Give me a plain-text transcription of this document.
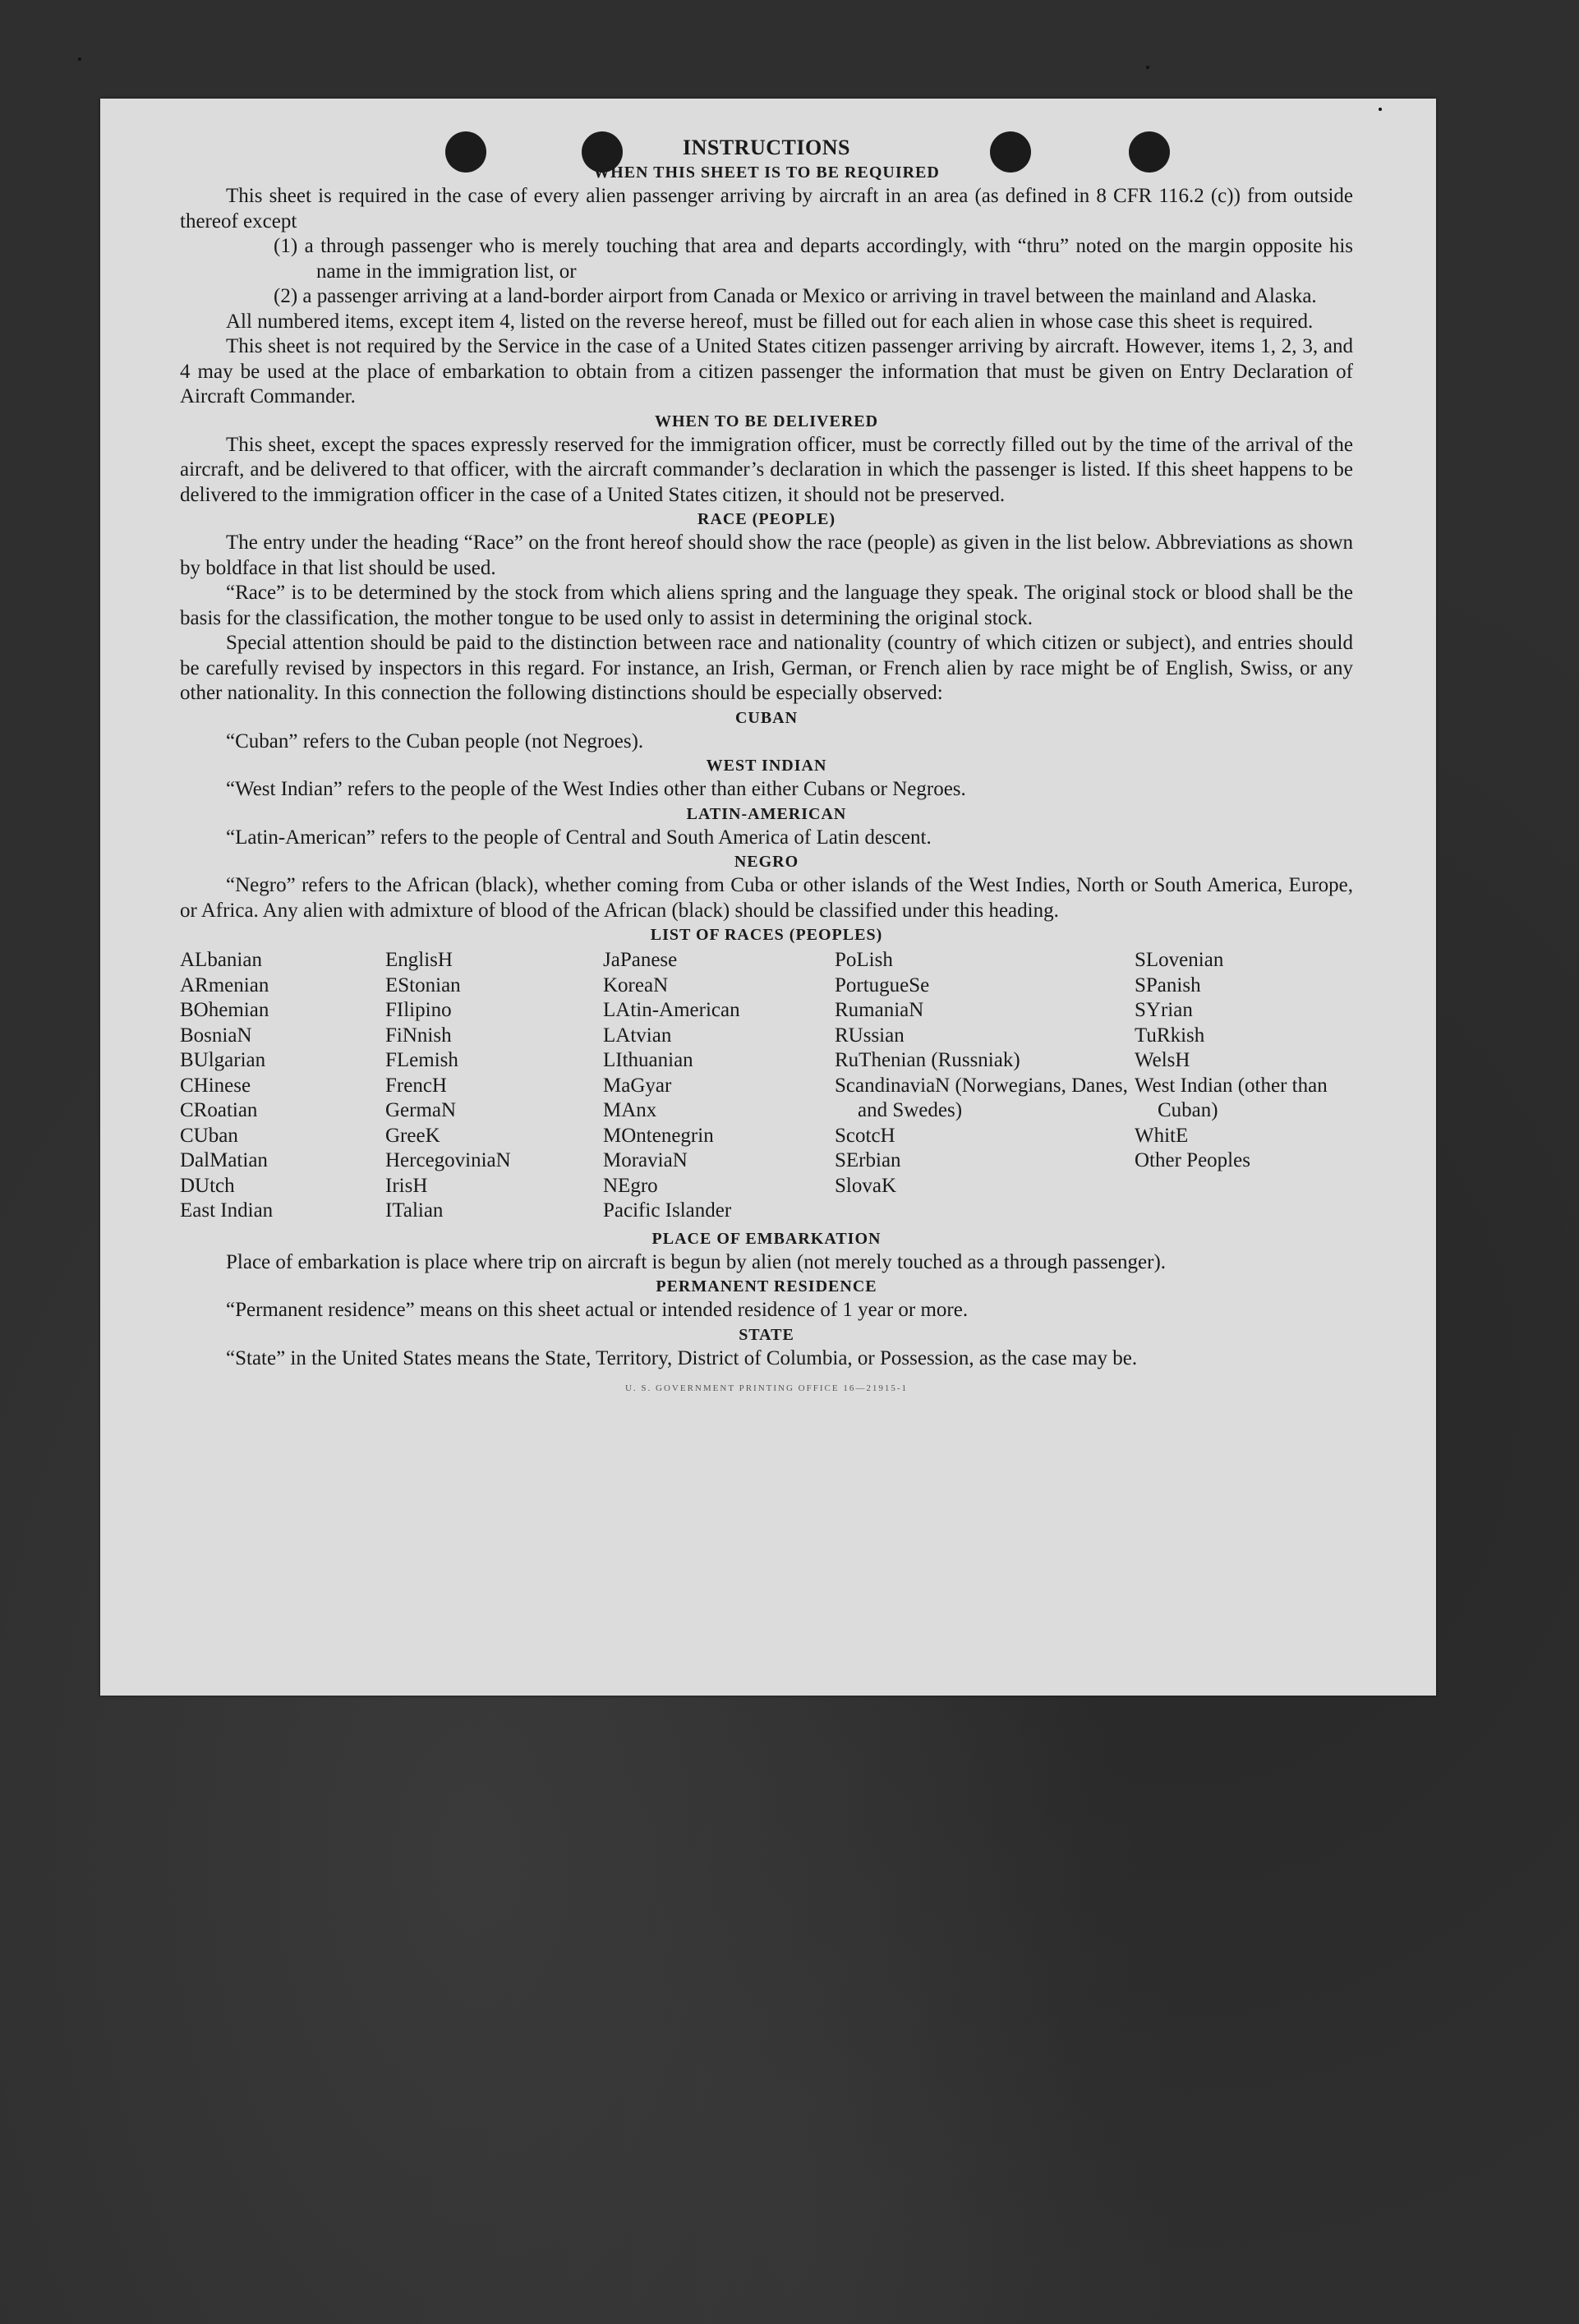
INSTRUCTIONS
WHEN THIS SHEET IS TO BE REQUIRED

This sheet is required in the case of every alien passenger arriving by aircraft in an area (as defined in 8 CFR 116.2 (c)) from outside thereof except

(1) a through passenger who is merely touching that area and departs accordingly, with “thru” noted on the margin opposite his name in the immigration list, or

(2) a passenger arriving at a land-border airport from Canada or Mexico or arriving in travel between the mainland and Alaska.

All numbered items, except item 4, listed on the reverse hereof, must be filled out for each alien in whose case this sheet is required.

This sheet is not required by the Service in the case of a United States citizen passenger arriving by aircraft. However, items 1, 2, 3, and 4 may be used at the place of embarkation to obtain from a citizen passenger the information that must be given on Entry Declaration of Aircraft Commander.

WHEN TO BE DELIVERED

This sheet, except the spaces expressly reserved for the immigration officer, must be correctly filled out by the time of the arrival of the aircraft, and be delivered to that officer, with the aircraft commander’s declaration in which the passenger is listed. If this sheet happens to be delivered to the immigration officer in the case of a United States citizen, it should not be preserved.

RACE (PEOPLE)

The entry under the heading “Race” on the front hereof should show the race (people) as given in the list below. Abbreviations as shown by boldface in that list should be used.

“Race” is to be determined by the stock from which aliens spring and the language they speak. The original stock or blood shall be the basis for the classification, the mother tongue to be used only to assist in determining the original stock.

Special attention should be paid to the distinction between race and nationality (country of which citizen or subject), and entries should be carefully revised by inspectors in this regard. For instance, an Irish, German, or French alien by race might be of English, Swiss, or any other nationality. In this connection the following distinctions should be especially observed:

CUBAN

“Cuban” refers to the Cuban people (not Negroes).

WEST INDIAN

“West Indian” refers to the people of the West Indies other than either Cubans or Negroes.

LATIN-AMERICAN

“Latin-American” refers to the people of Central and South America of Latin descent.

NEGRO

“Negro” refers to the African (black), whether coming from Cuba or other islands of the West Indies, North or South America, Europe, or Africa. Any alien with admixture of blood of the African (black) should be classified under this heading.

LIST OF RACES (PEOPLES)
ALbanian
ARmenian
BOhemian
BosniaN
BUlgarian
CHinese
CRoatian
CUban
DalMatian
DUtch
East Indian
EnglisH
EStonian
FIlipino
FiNnish
FLemish
FrencH
GermaN
GreeK
HercegoviniaN
IrisH
ITalian
JaPanese
KoreaN
LAtin-American
LAtvian
LIthuanian
MaGyar
MAnx
MOntenegrin
MoraviaN
NEgro
Pacific Islander
PoLish
PortugueSe
RumaniaN
RUssian
RuThenian (Russniak)
ScandinaviaN (Norwegians, Danes, and Swedes)
ScotcH
SErbian
SlovaK
SLovenian
SPanish
SYrian
TuRkish
WelsH
West Indian (other than Cuban)
WhitE
Other Peoples
PLACE OF EMBARKATION

Place of embarkation is place where trip on aircraft is begun by alien (not merely touched as a through passenger).

PERMANENT RESIDENCE

“Permanent residence” means on this sheet actual or intended residence of 1 year or more.

STATE

“State” in the United States means the State, Territory, District of Columbia, or Possession, as the case may be.

U. S. GOVERNMENT PRINTING OFFICE 16—21915-1
